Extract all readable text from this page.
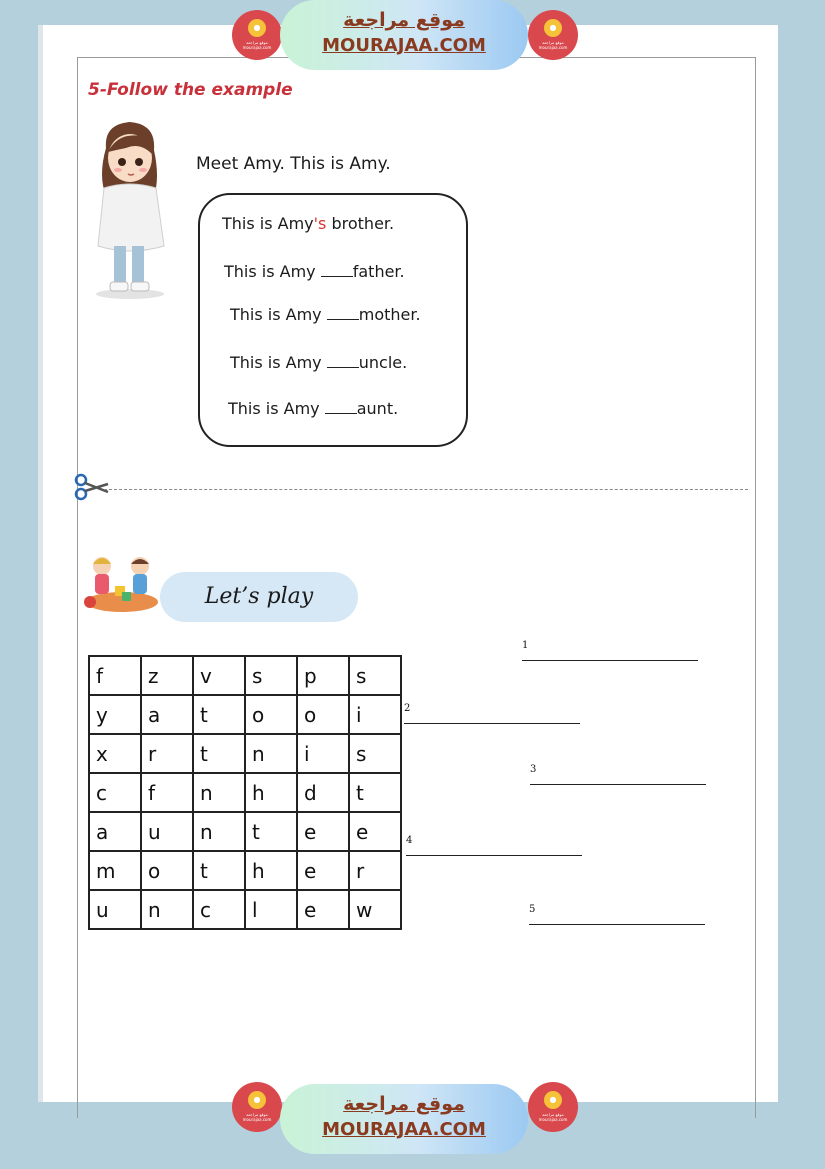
●
موقع مراجعة
mourajaa.com
موقع مراجعة
MOURAJAA.COM
●
موقع مراجعة
mourajaa.com
5-Follow the example
Meet Amy. This is Amy.
This is Amy's brother.
This is Amy father.
This is Amy mother.
This is Amy uncle.
This is Amy aunt.
Let’s play
f	z	v	s	p	s
y	a	t	o	o	i
x	r	t	n	i	s
c	f	n	h	d	t
a	u	n	t	e	e
m	o	t	h	e	r
u	n	c	l	e	w
1
2
3
4
5
●
موقع مراجعة
mourajaa.com
موقع مراجعة
MOURAJAA.COM
●
موقع مراجعة
mourajaa.com
